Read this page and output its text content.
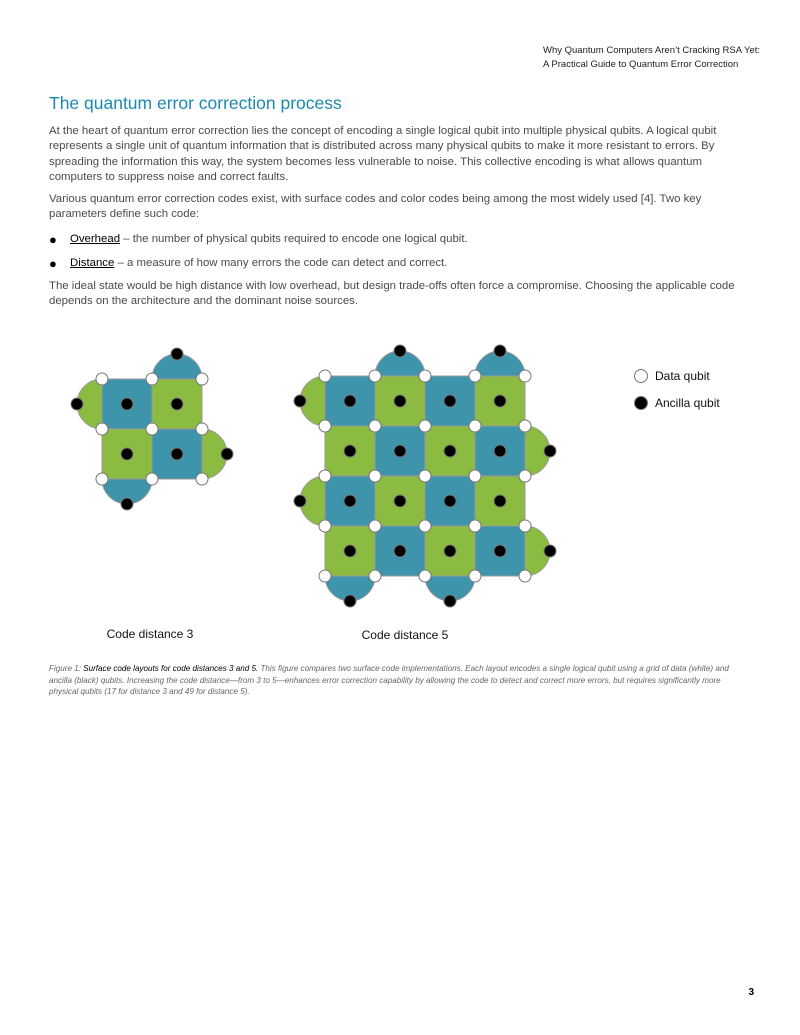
Why Quantum Computers Aren’t Cracking RSA Yet:
A Practical Guide to Quantum Error Correction
The quantum error correction process

At the heart of quantum error correction lies the concept of encoding a single logical qubit into multiple physical qubits. A logical qubit represents a single unit of quantum information that is distributed across many physical qubits to make it more resistant to errors. By spreading the information this way, the system becomes less vulnerable to noise. This collective encoding is what allows quantum computers to suppress noise and correct faults.

Various quantum error correction codes exist, with surface codes and color codes being among the most widely used [4]. Two key parameters define such code:

● Overhead – the number of physical qubits required to encode one logical qubit.
● Distance – a measure of how many errors the code can detect and correct.

The ideal state would be high distance with low overhead, but design trade-offs often force a compromise. Choosing the applicable code depends on the architecture and the dominant noise sources.

Data qubit
Ancilla qubit
Code distance 3	Code distance 5

Figure 1: Surface code layouts for code distances 3 and 5. This figure compares two surface code implementations. Each layout encodes a single logical qubit using a grid of data (white) and ancilla (black) qubits. Increasing the code distance—from 3 to 5—enhances error correction capability by allowing the code to detect and correct more errors, but requires significantly more physical qubits (17 for distance 3 and 49 for distance 5).

3
